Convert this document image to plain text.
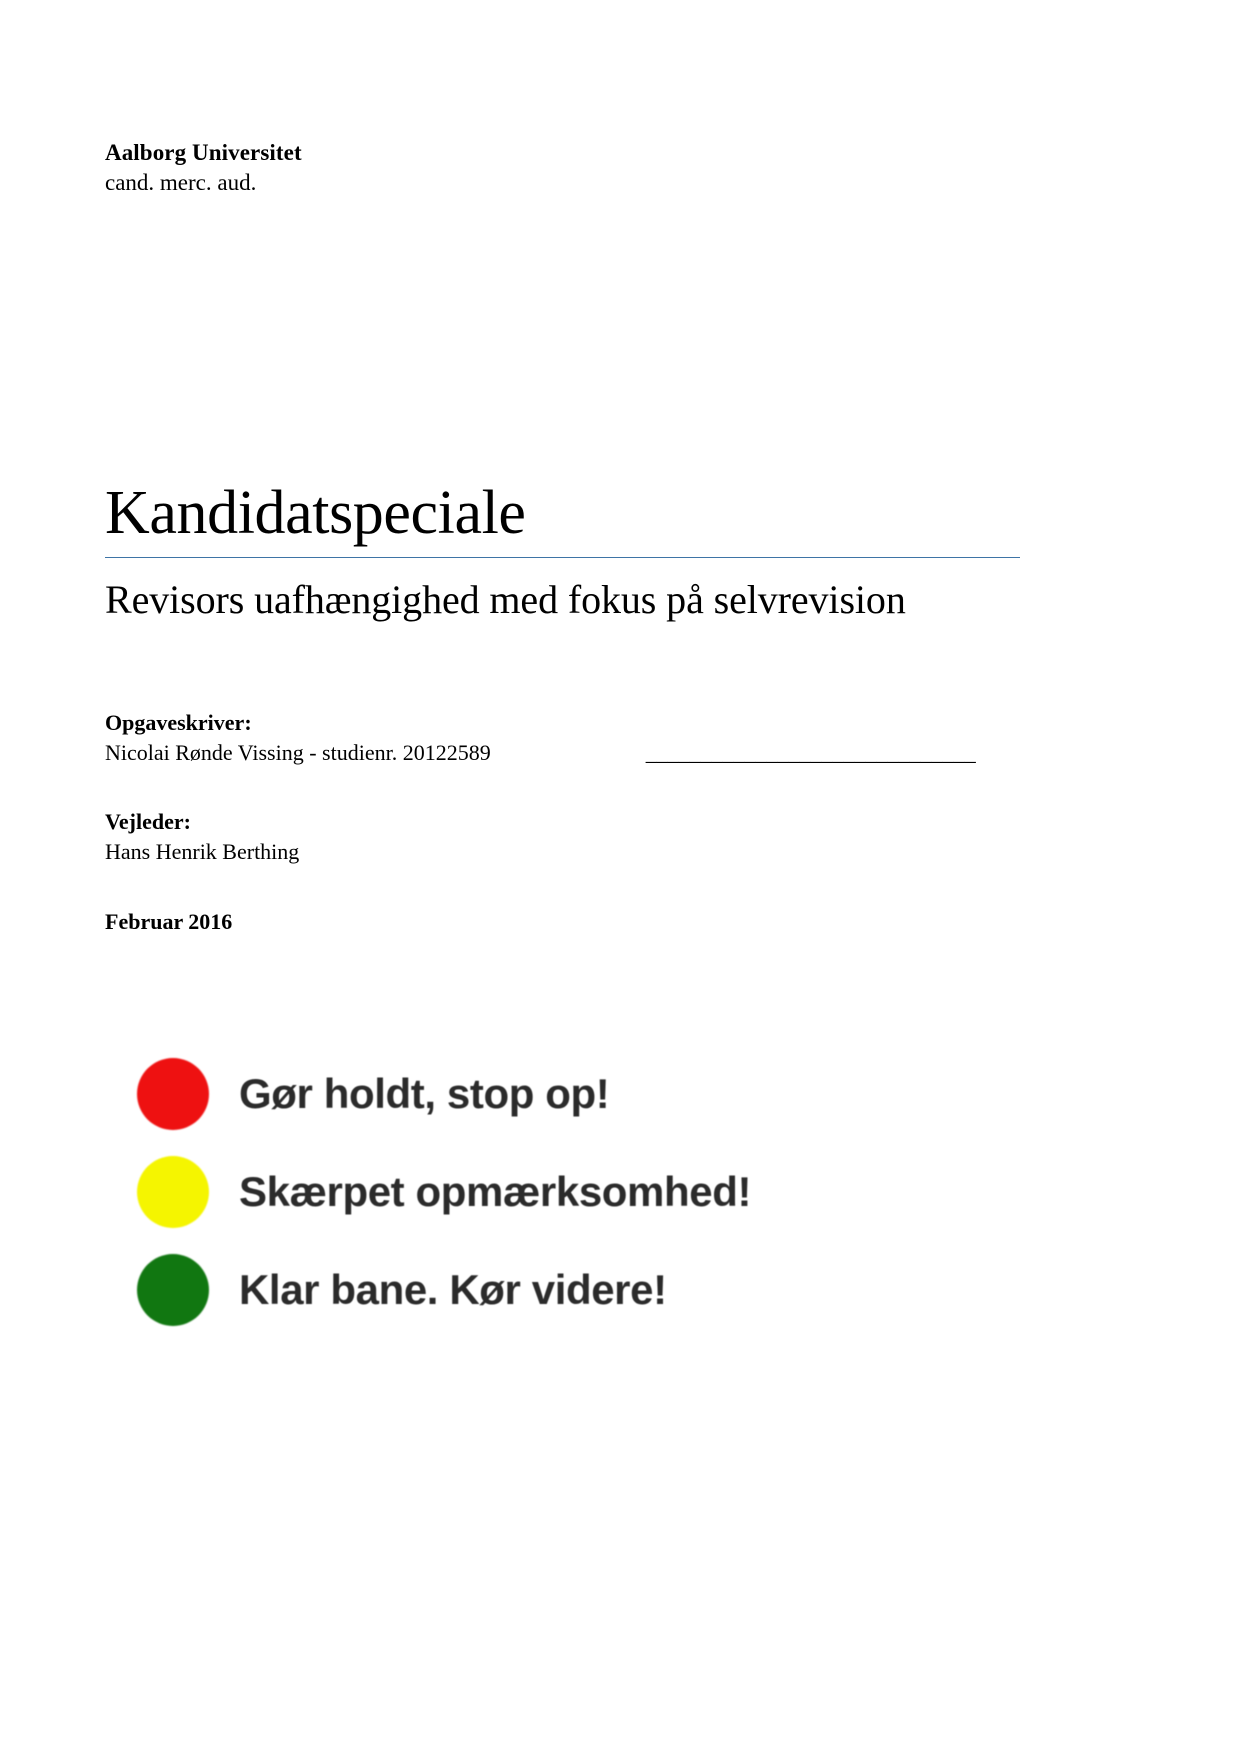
Aalborg Universitet
cand. merc. aud.
Kandidatspeciale
Revisors uafhængighed med fokus på selvrevision
Opgaveskriver:
Nicolai Rønde Vissing - studienr. 20122589	______________________________
Vejleder:
Hans Henrik Berthing
Februar 2016
Gør holdt, stop op!
Skærpet opmærksomhed!
Klar bane. Kør videre!
